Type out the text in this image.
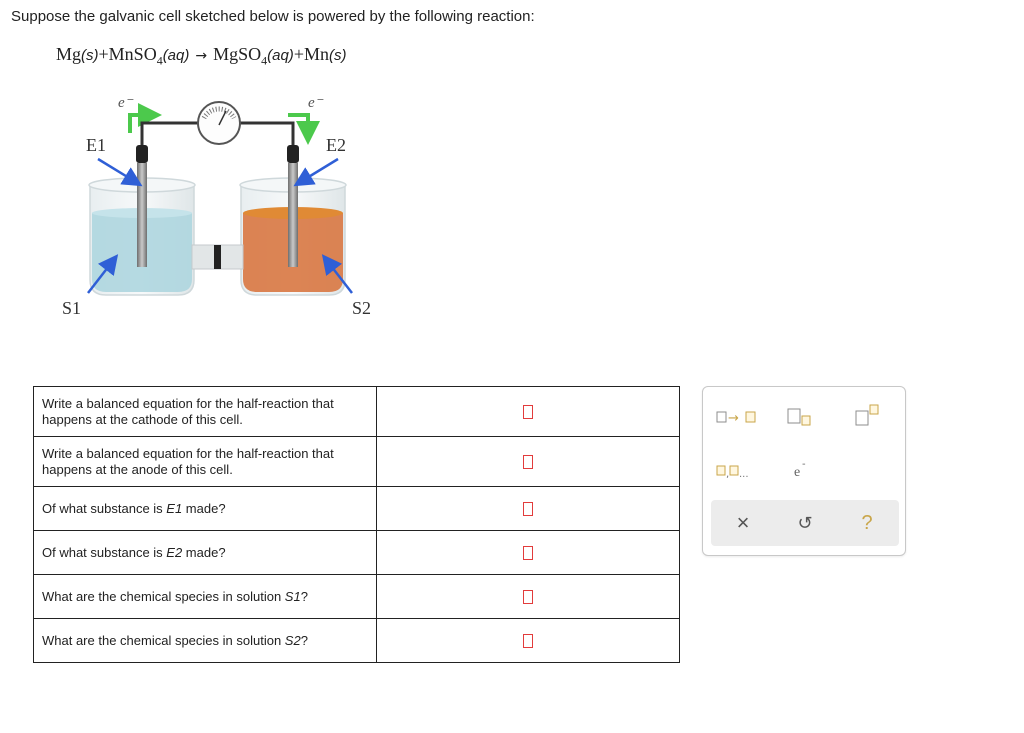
Suppose the galvanic cell sketched below is powered by the following reaction:
Mg(s)+MnSO$_4$(aq) → MgSO$_4$(aq)+Mn(s)
e⁻	e⁻
E1	E2
S1	S2
Write a balanced equation for the half-reaction that happens at the cathode of this cell.	
Write a balanced equation for the half-reaction that happens at the anode of this cell.	
Of what substance is E1 made?	
Of what substance is E2 made?	
What are the chemical species in solution S1?	
What are the chemical species in solution S2?	
→
, ...	e
-
×	↺ ?
